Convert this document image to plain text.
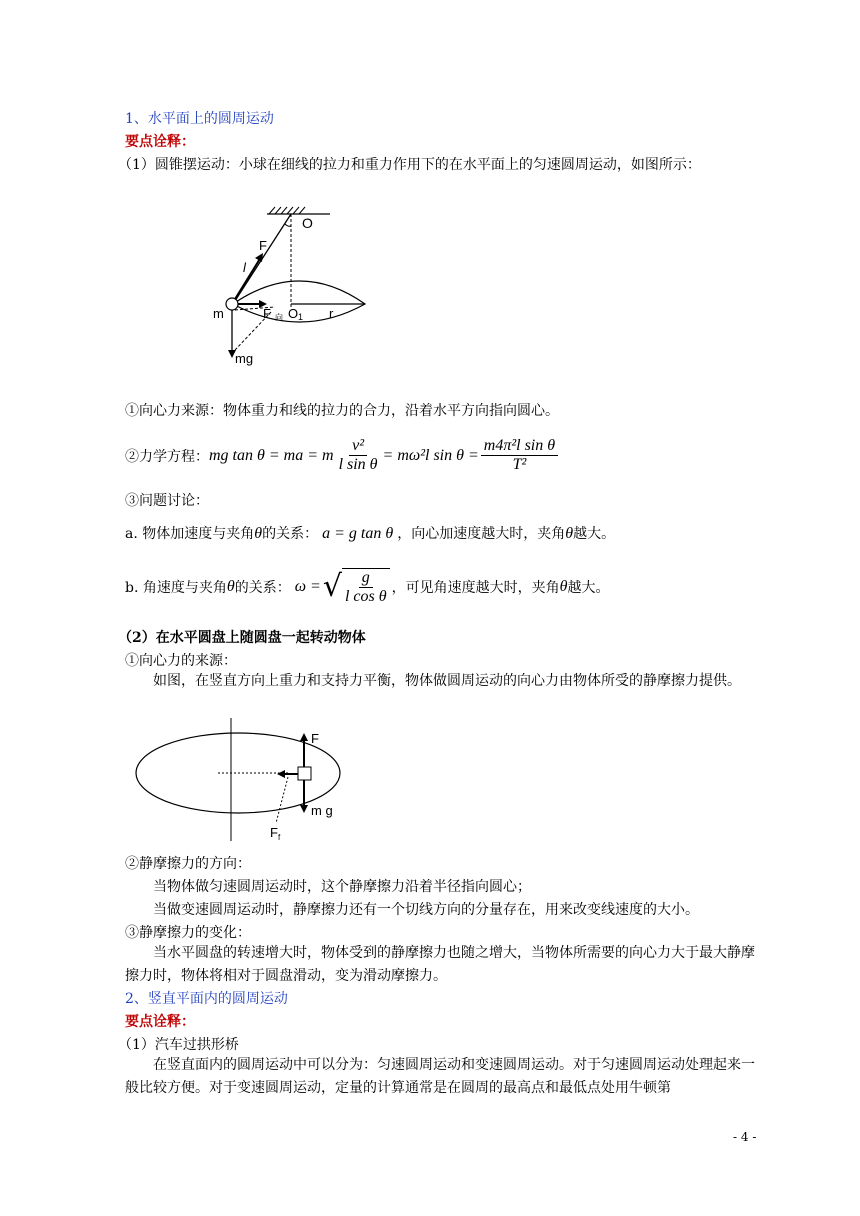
1、水平面上的圆周运动
要点诠释：
（1）圆锥摆运动：小球在细线的拉力和重力作用下的在水平面上的匀速圆周运动，如图所示：
O
F
l
m	F 向 O 1 r
mg
①向心力来源：物体重力和线的拉力的合力，沿着水平方向指向圆心。
②力学方程： mg tan θ = ma = m $\frac{\text{v²}}{\text{l sin θ}} = m\omega^2l$ $\sin \theta = \frac{\text{m4π²l sin θ}}{\text{T²}}$
③问题讨论：
a. 物体加速度与夹角 θ 的关系： a = g tan θ ，向心加速度越大时，夹角 θ 越大。
b. 角速度与夹角 θ 的关系： ω = √ $\frac{g}{\text{l cos θ}}$ ，可见角速度越大时，夹角 θ 越大。
（2）在水平圆盘上随圆盘一起转动物体
①向心力的来源：
如图，在竖直方向上重力和支持力平衡，物体做圆周运动的向心力由物体所受的静摩擦力提供。
F
m g
F f
②静摩擦力的方向：
当物体做匀速圆周运动时，这个静摩擦力沿着半径指向圆心；
当做变速圆周运动时，静摩擦力还有一个切线方向的分量存在，用来改变线速度的大小。
③静摩擦力的变化：
当水平圆盘的转速增大时，物体受到的静摩擦力也随之增大，当物体所需要的向心力大于最大静摩擦力时，物体将相对于圆盘滑动，变为滑动摩擦力。
2、竖直平面内的圆周运动
要点诠释：
（1）汽车过拱形桥
在竖直面内的圆周运动中可以分为：匀速圆周运动和变速圆周运动。对于匀速圆周运动处理起来一般比较方便。对于变速圆周运动，定量的计算通常是在圆周的最高点和最低点处用牛顿第
- 4 -
